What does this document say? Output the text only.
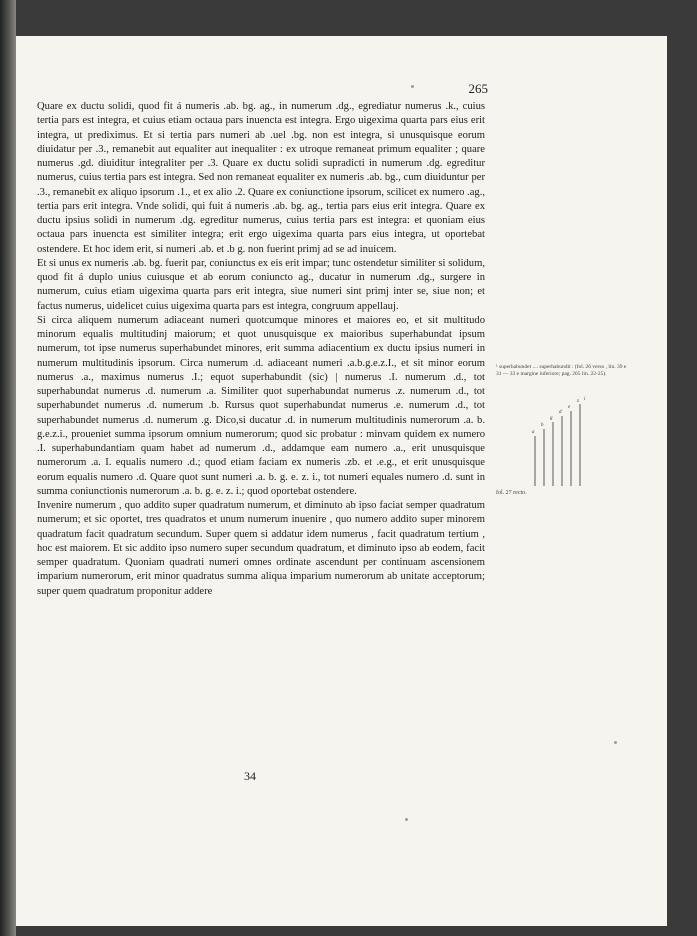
265

Quare ex ductu solidi, quod fit á numeris .ab. bg. ag., in numerum .dg., egrediatur numerus .k., cuius tertia pars est integra, et cuius etiam octaua pars inuencta est integra. Ergo uigexima quarta pars eius erit integra, ut prediximus. Et si tertia pars numeri ab .uel .bg. non est integra, si unusquisque eorum diuidatur per .3., remanebit aut equaliter aut inequaliter : ex utroque remaneat primum equaliter ; quare numerus .gd. diuiditur integraliter per .3. Quare ex ductu solidi supradicti in numerum .dg. egreditur numerus, cuius tertia pars est integra. Sed non remaneat equaliter ex numeris .ab. bg., cum diuiduntur per .3., remanebit ex aliquo ipsorum .1., et ex alio .2. Quare ex coniunctione ipsorum, scilicet ex numero .ag., tertia pars erit integra. Vnde solidi, qui fuit á numeris .ab. bg. ag., tertia pars eius erit integra. Quare ex ductu ipsius solidi in numerum .dg. egreditur numerus, cuius tertia pars est integra: et quoniam eius octaua pars inuencta est similiter integra; erit ergo uigexima quarta pars eius integra, ut oportebat ostendere. Et hoc idem erit, si numeri .ab. et .b g. non fuerint primj ad se ad inuicem.

Et si unus ex numeris .ab. bg. fuerit par, coniunctus ex eis erit impar; tunc ostendetur similiter si solidum, quod fit á duplo unius cuiusque et ab eorum coniuncto ag., ducatur in numerum .dg., surgere in numerum, cuius etiam uigexima quarta pars erit integra, siue numeri sint primj inter se, siue non; et factus numerus, uidelicet cuius uigexima quarta pars est integra, congruum appellauj.

Si circa aliquem numerum adiaceant numeri quotcumque minores et maiores eo, et sit multitudo minorum equalis multitudinj maiorum; et quot unusquisque ex maioribus superhabundat ipsum numerum, tot ipse numerus superhabundet minores, erit summa adiacentium ex ductu ipsius numeri in numerum multitudinis ipsorum. Circa numerum .d. adiaceant numeri .a.b.g.e.z.I., et sit minor eorum numerus .a., maximus numerus .I.; equot superhabundit (sic) | numerus .I. numerum .d., tot superhabundat numerus .d. numerum .a. Similiter quot superhabundat numerus .z. numerum .d., tot superhabundet numerus .d. numerum .b. Rursus quot superhabundat numerus .e. numerum .d., tot superhabundet numerus .d. numerum .g. Dico,si ducatur .d. in numerum multitudinis numerorum .a. b. g.e.z.i., proueniet summa ipsorum omnium numerorum; quod sic probatur : minvam quidem ex numero .I. superhabundantiam quam habet ad numerum .d., addamque eam numero .a., erit unusquisque numerorum .a. I. equalis numero .d.; quod etiam faciam ex numeris .zb. et .e.g., et erit unusquisque eorum equalis numero .d. Quare quot sunt numeri .a. b. g. e. z. i., tot numeri equales numero .d. sunt in summa coniunctionis numerorum .a. b. g. e. z. i.; quod oportebat ostendere.

Invenire numerum , quo addito super quadratum numerum, et diminuto ab ipso faciat semper quadratum numerum; et sic oportet, tres quadratos et unum numerum inuenire , quo numero addito super minorem quadratum facit quadratum secundum. Super quem si addatur idem numerus , facit quadratum tertium , hoc est maiorem. Et sic addito ipso numero super secundum quadratum, et diminuto ipso ab eodem, facit semper quadratum. Quoniam quadrati numeri omnes ordinate ascendunt per continuam ascensionem imparium numerorum, erit minor quadratus summa aliqua imparium numerorum ab unitate acceptorum; super quem quadratum proponitur addere

34
¹ superhabundet .... superhabundit : (fol. 26 verso , lin. 39 e 31 — 33 e margine inferiore; pag. 265 lin. 22-25).
a
b
g
d
e
z i
fol. 27 recto.
